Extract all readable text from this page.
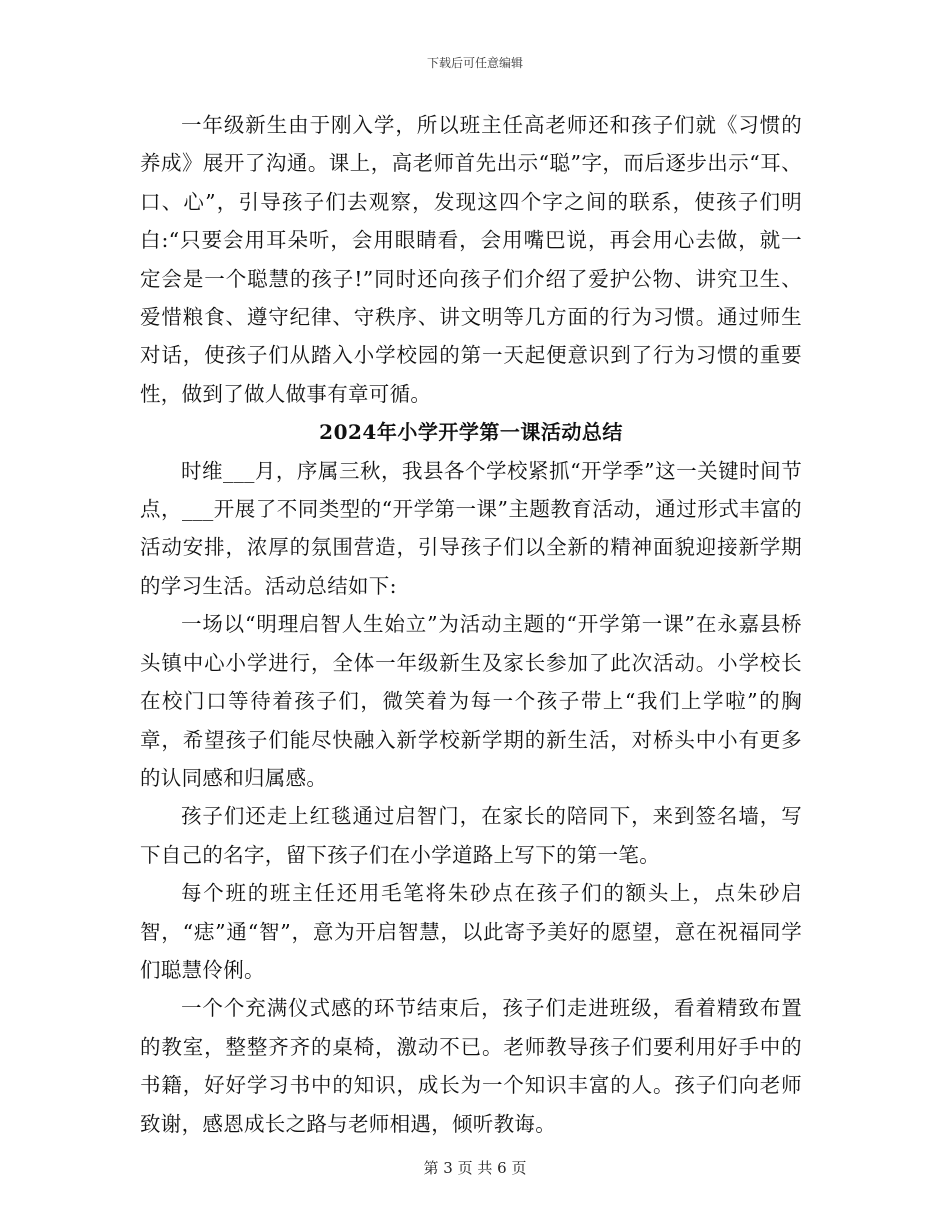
下载后可任意编辑

一年级新生由于刚入学，所以班主任高老师还和孩子们就《习惯的养成》展开了沟通。课上，高老师首先出示“聪”字，而后逐步出示“耳、口、心”，引导孩子们去观察，发现这四个字之间的联系，使孩子们明白:“只要会用耳朵听，会用眼睛看，会用嘴巴说，再会用心去做，就一定会是一个聪慧的孩子!”同时还向孩子们介绍了爱护公物、讲究卫生、爱惜粮食、遵守纪律、守秩序、讲文明等几方面的行为习惯。通过师生对话，使孩子们从踏入小学校园的第一天起便意识到了行为习惯的重要性，做到了做人做事有章可循。

2024年小学开学第一课活动总结

时维___月，序属三秋，我县各个学校紧抓“开学季”这一关键时间节点，___开展了不同类型的“开学第一课”主题教育活动，通过形式丰富的活动安排，浓厚的氛围营造，引导孩子们以全新的精神面貌迎接新学期的学习生活。活动总结如下:

一场以“明理启智人生始立”为活动主题的“开学第一课”在永嘉县桥头镇中心小学进行，全体一年级新生及家长参加了此次活动。小学校长在校门口等待着孩子们，微笑着为每一个孩子带上“我们上学啦”的胸章，希望孩子们能尽快融入新学校新学期的新生活，对桥头中小有更多的认同感和归属感。

孩子们还走上红毯通过启智门，在家长的陪同下，来到签名墙，写下自己的名字，留下孩子们在小学道路上写下的第一笔。

每个班的班主任还用毛笔将朱砂点在孩子们的额头上，点朱砂启智，“痣”通“智”，意为开启智慧，以此寄予美好的愿望，意在祝福同学们聪慧伶俐。

一个个充满仪式感的环节结束后，孩子们走进班级，看着精致布置的教室，整整齐齐的桌椅，激动不已。老师教导孩子们要利用好手中的书籍，好好学习书中的知识，成长为一个知识丰富的人。孩子们向老师致谢，感恩成长之路与老师相遇，倾听教诲。

第 3 页 共 6 页
